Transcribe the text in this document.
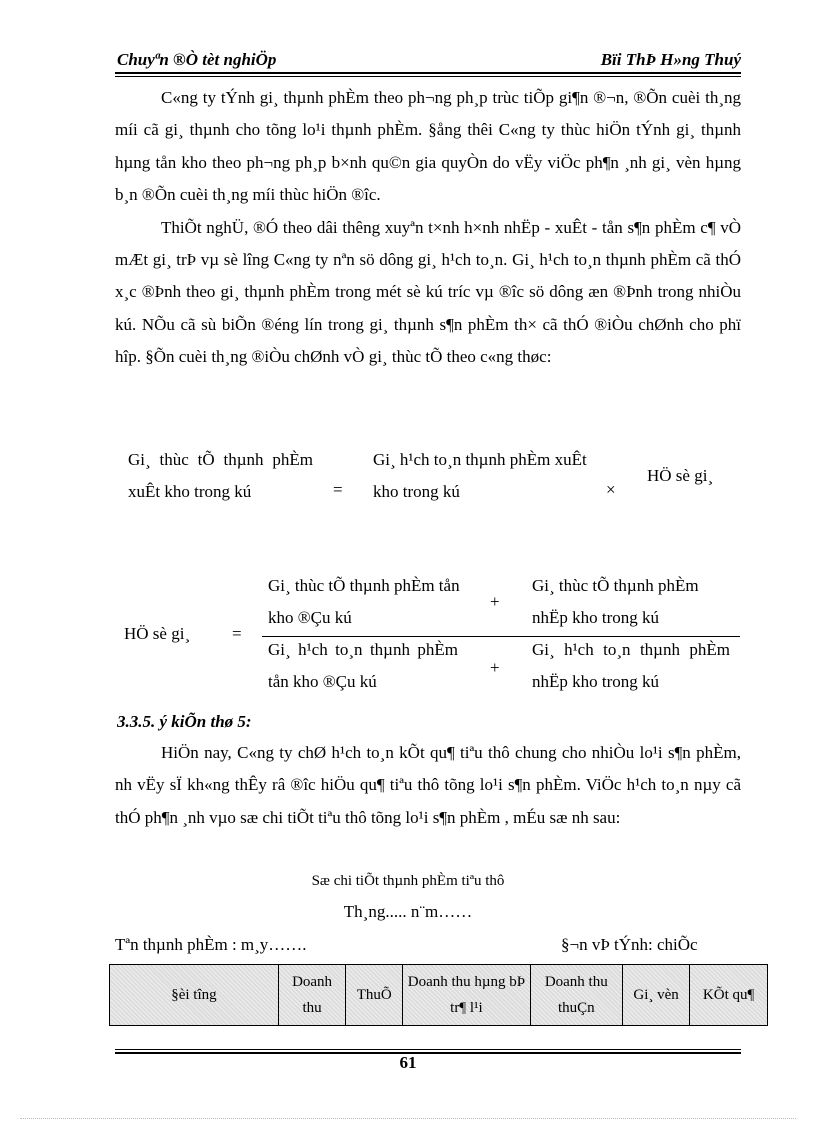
Chuyªn ®Ò tèt nghiÖp	Bïi ThÞ H»ng Thuý

C«ng ty tÝnh gi¸ thµnh phÈm theo ph¬ng ph¸p trùc tiÕp gi¶n ®¬n, ®Õn cuèi th¸ng míi cã gi¸ thµnh cho tõng lo¹i thµnh phÈm. §ång thêi C«ng ty thùc hiÖn tÝnh gi¸ thµnh hµng tån kho theo ph¬ng ph¸p b×nh qu©n gia quyÒn do vËy viÖc ph¶n ¸nh gi¸ vèn hµng b¸n ®Õn cuèi th¸ng míi thùc hiÖn ®îc.

ThiÕt nghÜ, ®Ó theo dâi thêng xuyªn t×nh h×nh nhËp - xuÊt - tån s¶n phÈm c¶ vÒ mÆt gi¸ trÞ vµ sè lîng C«ng ty nªn sö dông gi¸ h¹ch to¸n. Gi¸ h¹ch to¸n thµnh phÈm cã thÓ x¸c ®Þnh theo gi¸ thµnh phÈm trong mét sè kú tríc vµ ®îc sö dông æn ®Þnh trong nhiÒu kú. NÕu cã sù biÕn ®éng lín trong gi¸ thµnh s¶n phÈm th× cã thÓ ®iÒu chØnh cho phï hîp. §Õn cuèi th¸ng ®iÒu chØnh vÒ gi¸ thùc tÕ theo c«ng thøc:

Gi¸ thùc tÕ thµnh phÈm xuÊt kho trong kú	=
Gi¸ h¹ch to¸n thµnh phÈm xuÊt kho trong kú	×
HÖ sè gi¸
HÖ sè gi¸ =
Gi¸ thùc tÕ thµnh phÈm tån kho ®Çu kú
+
Gi¸ thùc tÕ thµnh phÈm nhËp kho trong kú
Gi¸ h¹ch to¸n thµnh phÈm tån kho ®Çu kú
+
Gi¸ h¹ch to¸n thµnh phÈm nhËp kho trong kú
3.3.5. ý kiÕn thø 5:

HiÖn nay, C«ng ty chØ h¹ch to¸n kÕt qu¶ tiªu thô chung cho nhiÒu lo¹i s¶n phÈm, nh vËy sÏ kh«ng thÊy râ ®îc hiÖu qu¶ tiªu thô tõng lo¹i s¶n phÈm. ViÖc h¹ch to¸n nµy cã thÓ ph¶n ¸nh vµo sæ chi tiÕt tiªu thô tõng lo¹i s¶n phÈm , mÉu sæ nh sau:

Sæ chi tiÕt thµnh phÈm tiªu thô
Th¸ng..... n¨m……
Tªn thµnh phÈm : m¸y…….	§¬n vÞ tÝnh: chiÕc
§èi tîng	Doanh thu	ThuÕ	Doanh thu hµng bÞ tr¶ l¹i	Doanh thu thuÇn	Gi¸ vèn	KÕt qu¶
61
